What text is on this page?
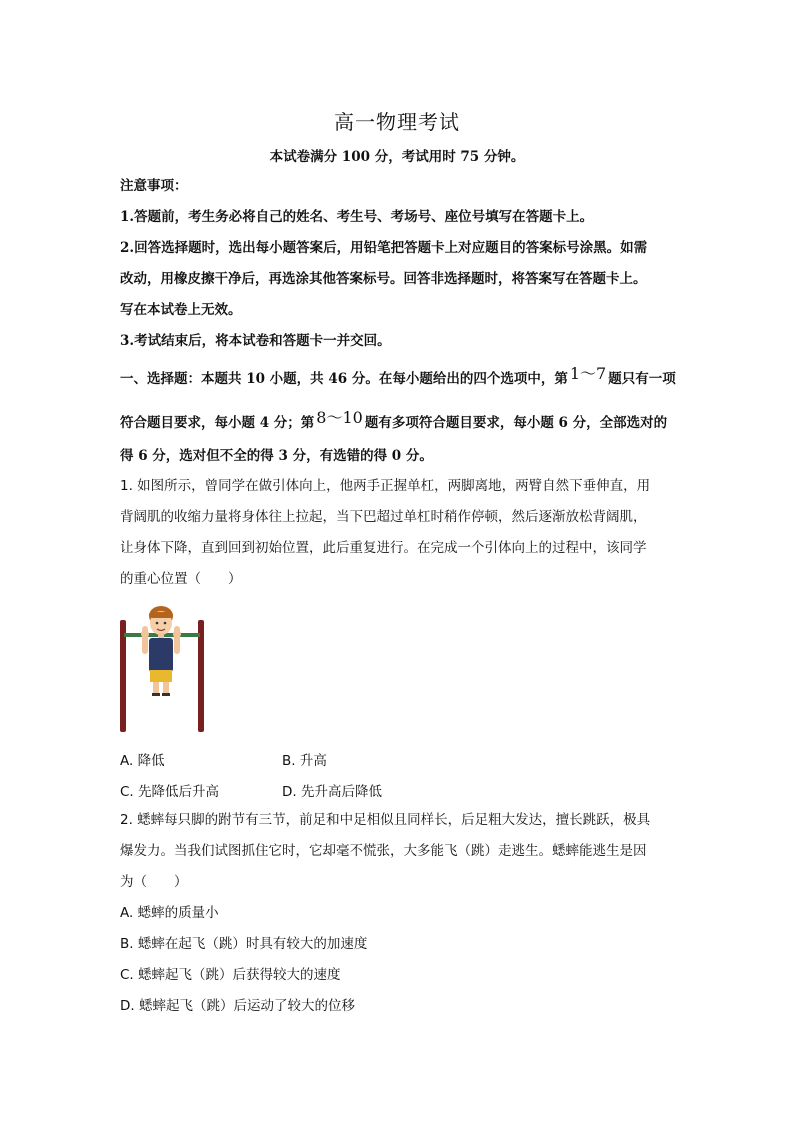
高一物理考试
本试卷满分 100 分，考试用时 75 分钟。
注意事项：
1.答题前，考生务必将自己的姓名、考生号、考场号、座位号填写在答题卡上。
2.回答选择题时，选出每小题答案后，用铅笔把答题卡上对应题目的答案标号涂黑。如需
改动，用橡皮擦干净后，再选涂其他答案标号。回答非选择题时，将答案写在答题卡上。
写在本试卷上无效。
3.考试结束后，将本试卷和答题卡一并交回。
一、选择题：本题共 10 小题，共 46 分。在每小题给出的四个选项中，第 1～7 题只有一项
符合题目要求，每小题 4 分；第 8～10 题有多项符合题目要求，每小题 6 分，全部选对的
得 6 分，选对但不全的得 3 分，有选错的得 0 分。
1. 如图所示，曾同学在做引体向上，他两手正握单杠，两脚离地，两臂自然下垂伸直，用
背阔肌的收缩力量将身体往上拉起，当下巴超过单杠时稍作停顿，然后逐渐放松背阔肌，
让身体下降，直到回到初始位置，此后重复进行。在完成一个引体向上的过程中，该同学
的重心位置（　　）
A. 降低	B. 升高
C. 先降低后升高	D. 先升高后降低
2. 蟋蟀每只脚的跗节有三节，前足和中足相似且同样长，后足粗大发达，擅长跳跃，极具
爆发力。当我们试图抓住它时，它却毫不慌张，大多能飞（跳）走逃生。蟋蟀能逃生是因
为（　　）
A. 蟋蟀的质量小
B. 蟋蟀在起飞（跳）时具有较大的加速度
C. 蟋蟀起飞（跳）后获得较大的速度
D. 蟋蟀起飞（跳）后运动了较大的位移
